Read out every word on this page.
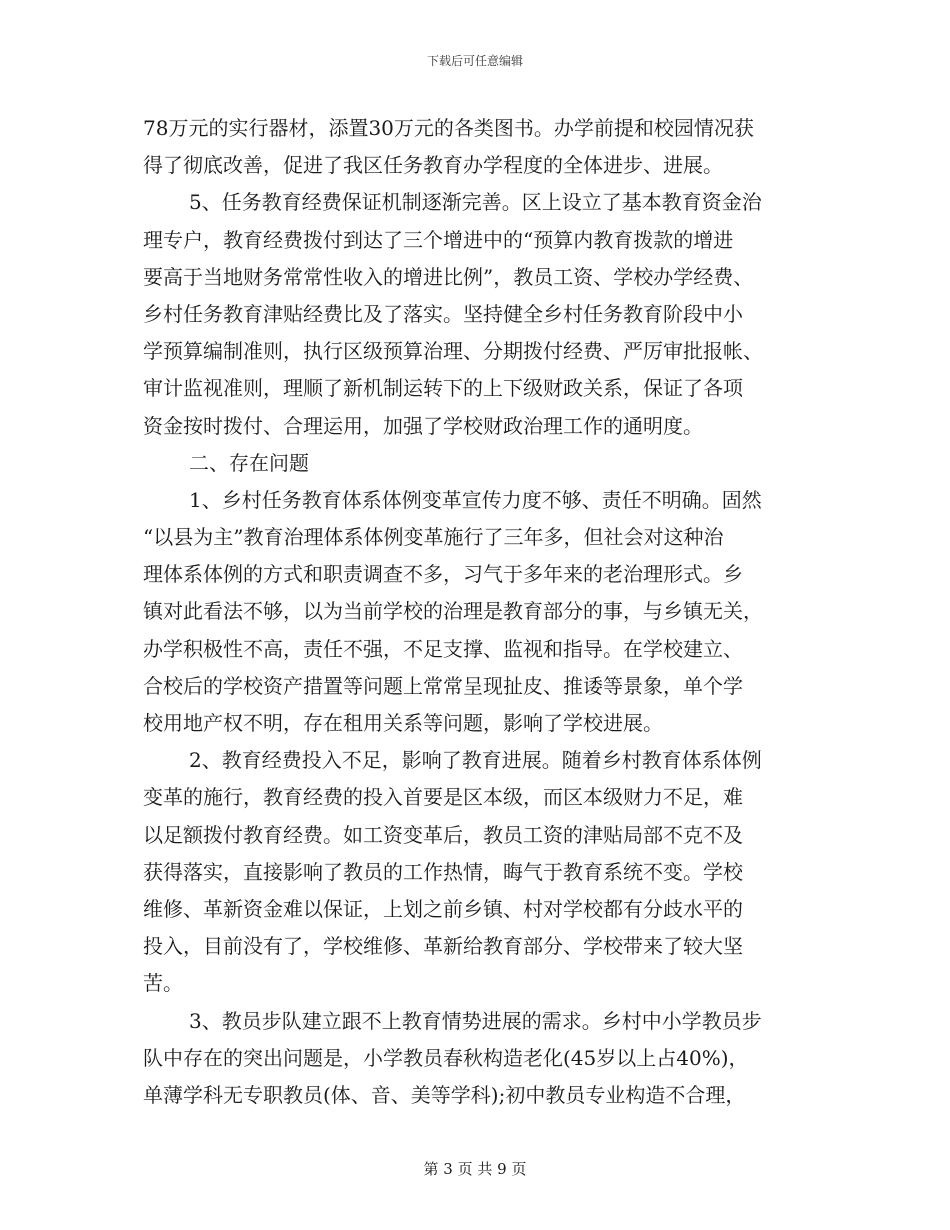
下载后可任意编辑
78万元的实行器材，添置30万元的各类图书。办学前提和校园情况获
得了彻底改善，促进了我区任务教育办学程度的全体进步、进展。
5、任务教育经费保证机制逐渐完善。区上设立了基本教育资金治
理专户，教育经费拨付到达了三个增进中的“预算内教育拨款的增进
要高于当地财务常常性收入的增进比例”，教员工资、学校办学经费、
乡村任务教育津贴经费比及了落实。坚持健全乡村任务教育阶段中小
学预算编制准则，执行区级预算治理、分期拨付经费、严厉审批报帐、
审计监视准则，理顺了新机制运转下的上下级财政关系，保证了各项
资金按时拨付、合理运用，加强了学校财政治理工作的通明度。
二、存在问题
1、乡村任务教育体系体例变革宣传力度不够、责任不明确。固然
“以县为主”教育治理体系体例变革施行了三年多，但社会对这种治
理体系体例的方式和职责调查不多，习气于多年来的老治理形式。乡
镇对此看法不够，以为当前学校的治理是教育部分的事，与乡镇无关，
办学积极性不高，责任不强，不足支撑、监视和指导。在学校建立、
合校后的学校资产措置等问题上常常呈现扯皮、推诿等景象，单个学
校用地产权不明，存在租用关系等问题，影响了学校进展。
2、教育经费投入不足，影响了教育进展。随着乡村教育体系体例
变革的施行，教育经费的投入首要是区本级，而区本级财力不足，难
以足额拨付教育经费。如工资变革后，教员工资的津贴局部不克不及
获得落实，直接影响了教员的工作热情，晦气于教育系统不变。学校
维修、革新资金难以保证，上划之前乡镇、村对学校都有分歧水平的
投入，目前没有了，学校维修、革新给教育部分、学校带来了较大坚
苦。
3、教员步队建立跟不上教育情势进展的需求。乡村中小学教员步
队中存在的突出问题是，小学教员春秋构造老化(45岁以上占40%)，
单薄学科无专职教员(体、音、美等学科);初中教员专业构造不合理，
第 3 页 共 9 页
